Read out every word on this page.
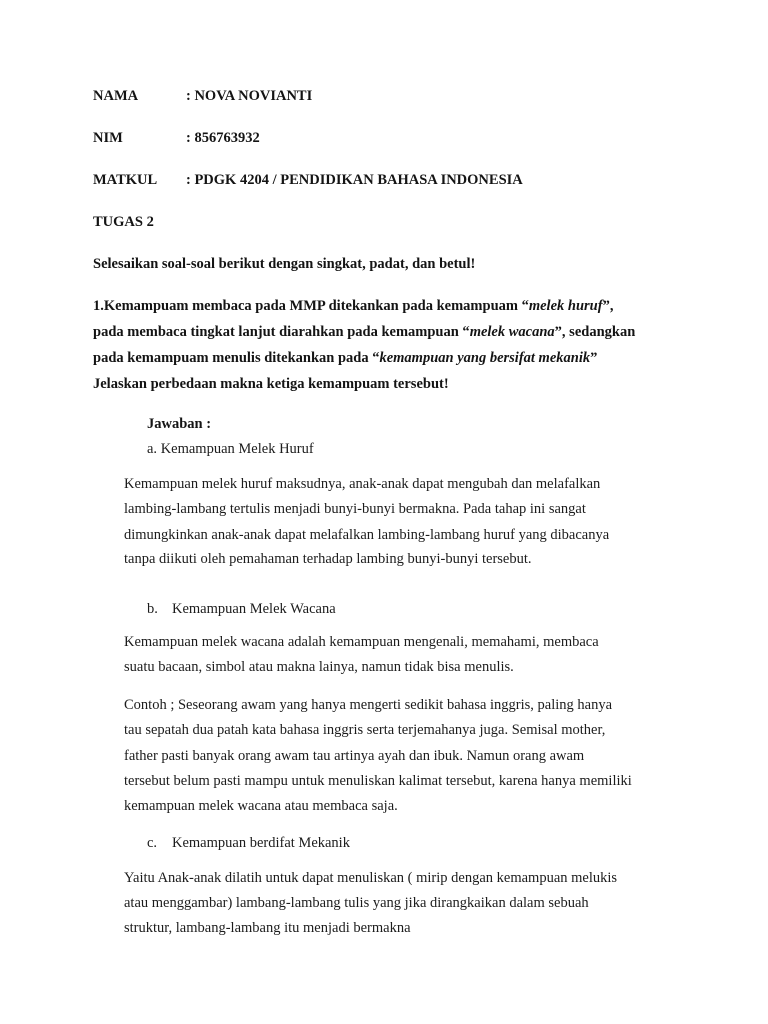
NAMA	: NOVA NOVIANTI
NIM	: 856763932
MATKUL : PDGK 4204 / PENDIDIKAN BAHASA INDONESIA
TUGAS 2
Selesaikan soal-soal berikut dengan singkat, padat, dan betul!
1.Kemampuam membaca pada MMP ditekankan pada kemampuam “melek huruf”,
pada membaca tingkat lanjut diarahkan pada kemampuan “melek wacana”, sedangkan
pada kemampuam menulis ditekankan pada “kemampuan yang bersifat mekanik”
Jelaskan perbedaan makna ketiga kemampuam tersebut!
Jawaban :
a. Kemampuan Melek Huruf
Kemampuan melek huruf maksudnya, anak-anak dapat mengubah dan melafalkan
lambing-lambang tertulis menjadi bunyi-bunyi bermakna. Pada tahap ini sangat
dimungkinkan anak-anak dapat melafalkan lambing-lambang huruf yang dibacanya
tanpa diikuti oleh pemahaman terhadap lambing bunyi-bunyi tersebut.
b. Kemampuan Melek Wacana
Kemampuan melek wacana adalah kemampuan mengenali, memahami, membaca
suatu bacaan, simbol atau makna lainya, namun tidak bisa menulis.
Contoh ; Seseorang awam yang hanya mengerti sedikit bahasa inggris, paling hanya
tau sepatah dua patah kata bahasa inggris serta terjemahanya juga. Semisal mother,
father pasti banyak orang awam tau artinya ayah dan ibuk. Namun orang awam
tersebut belum pasti mampu untuk menuliskan kalimat tersebut, karena hanya memiliki
kemampuan melek wacana atau membaca saja.
c. Kemampuan berdifat Mekanik
Yaitu Anak-anak dilatih untuk dapat menuliskan ( mirip dengan kemampuan melukis
atau menggambar) lambang-lambang tulis yang jika dirangkaikan dalam sebuah
struktur, lambang-lambang itu menjadi bermakna
